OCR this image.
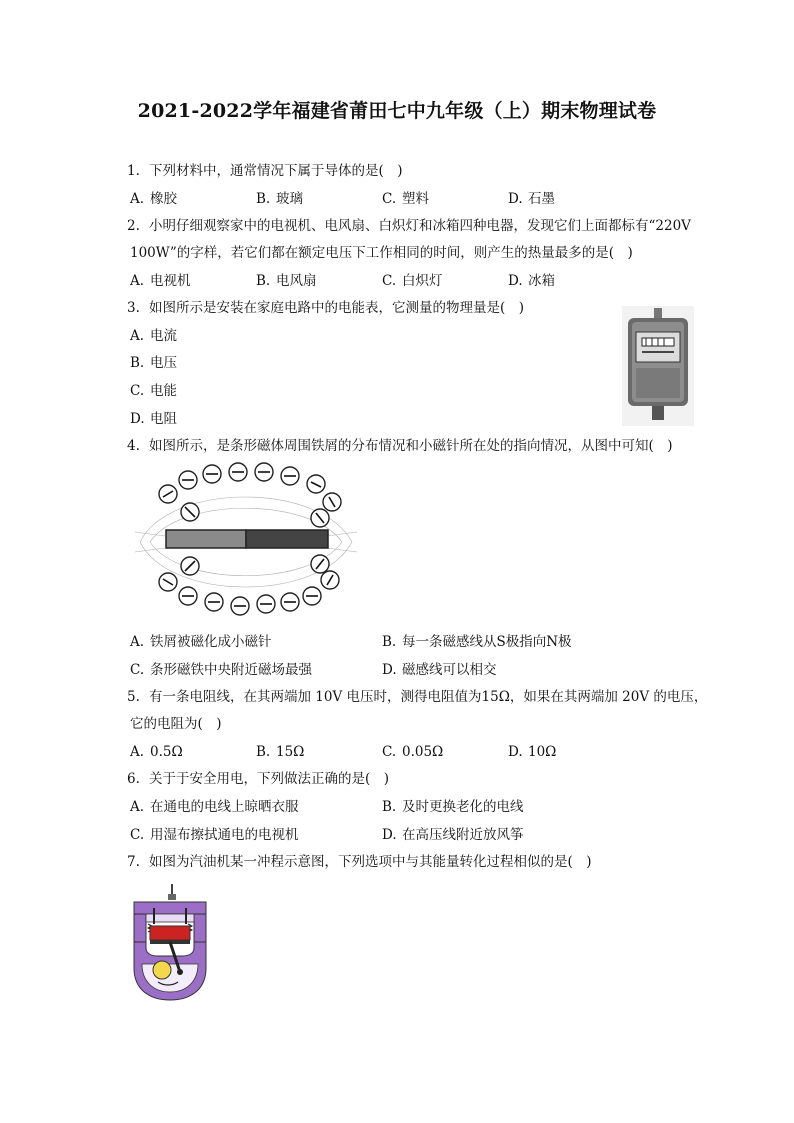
2021-2022学年福建省莆田七中九年级（上）期末物理试卷
1. 下列材料中，通常情况下属于导体的是(　)
A. 橡胶	B. 玻璃	C. 塑料	D. 石墨
2. 小明仔细观察家中的电视机、电风扇、白炽灯和冰箱四种电器，发现它们上面都标有“220V
100W”的字样，若它们都在额定电压下工作相同的时间，则产生的热量最多的是(　)
A. 电视机	B. 电风扇	C. 白炽灯	D. 冰箱
3. 如图所示是安装在家庭电路中的电能表，它测量的物理量是(　)
A. 电流
B. 电压
C. 电能
D. 电阻
4. 如图所示，是条形磁体周围铁屑的分布情况和小磁针所在处的指向情况，从图中可知(　)
A. 铁屑被磁化成小磁针	B. 每一条磁感线从S极指向N极
C. 条形磁铁中央附近磁场最强	D. 磁感线可以相交
5. 有一条电阻线，在其两端加 10V 电压时，测得电阻值为15Ω，如果在其两端加 20V 的电压，
它的电阻为(　)
A. 0.5Ω	B. 15Ω	C. 0.05Ω	D. 10Ω
6. 关于于安全用电，下列做法正确的是(　)
A. 在通电的电线上晾晒衣服	B. 及时更换老化的电线
C. 用湿布擦拭通电的电视机	D. 在高压线附近放风筝
7. 如图为汽油机某一冲程示意图，下列选项中与其能量转化过程相似的是(　)
